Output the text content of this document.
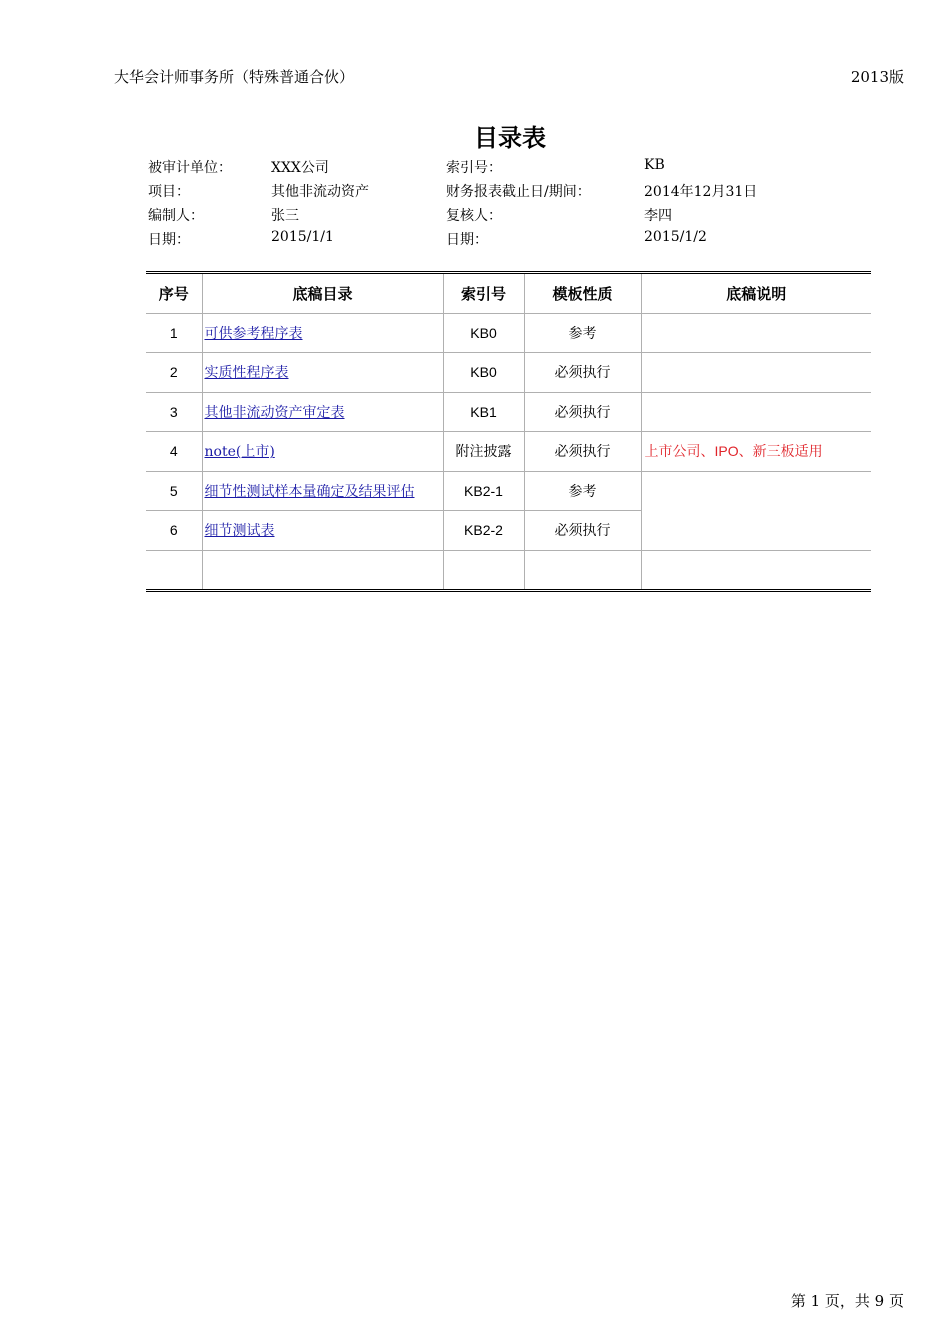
大华会计师事务所（特殊普通合伙）	2013版
目录表
被审计单位：	XXX公司	索引号：	KB
项目：	其他非流动资产	财务报表截止日/期间：	2014年12月31日
编制人：	张三	复核人：	李四
日期：	2015/1/1	日期：	2015/1/2
序号	底稿目录	索引号	模板性质	底稿说明
1	可供参考程序表	KB0	参考	
2	实质性程序表	KB0	必须执行	
3	其他非流动资产审定表	KB1	必须执行	
4	note(上市)	附注披露	必须执行	上市公司、IPO、新三板适用
5	细节性测试样本量确定及结果评估	KB2-1	参考	
6	细节测试表	KB2-2	必须执行	

第 1 页，共 9 页
